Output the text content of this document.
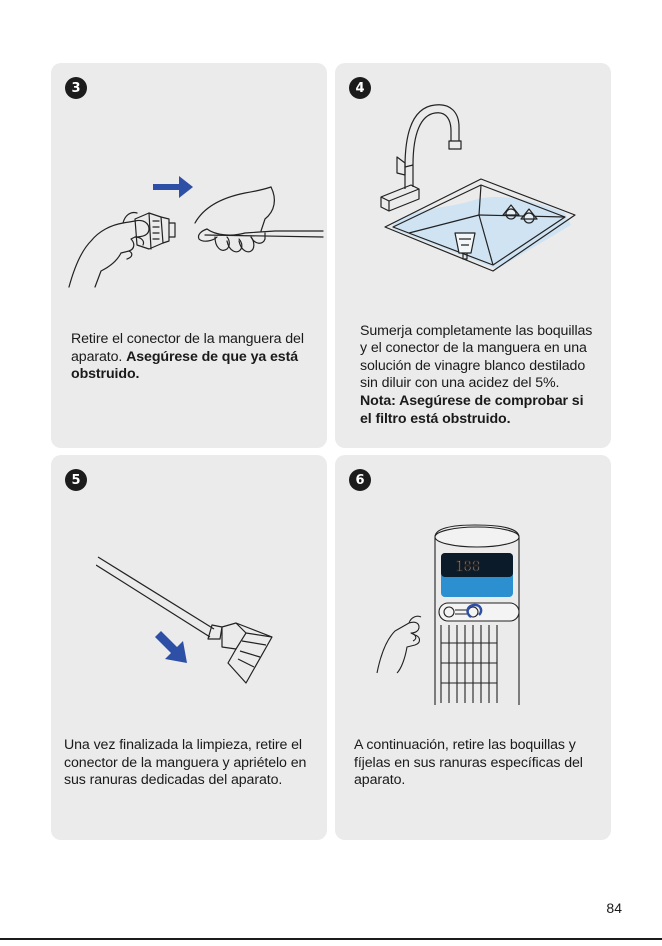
3
Retire el conector de la manguera del aparato. Asegúrese de que ya está obstruido.
4

Sumerja completamente las boquillas y el conector de la manguera en una solución de vinagre blanco destilado sin diluir con una acidez del 5%.
Nota: Asegúrese de comprobar si el filtro está obstruido.

5
Una vez finalizada la limpieza, retire el conector de la manguera y apriételo en sus ranuras dedicadas del aparato.
6
188
A continuación, retire las boquillas y fíjelas en sus ranuras específicas del aparato.
84
